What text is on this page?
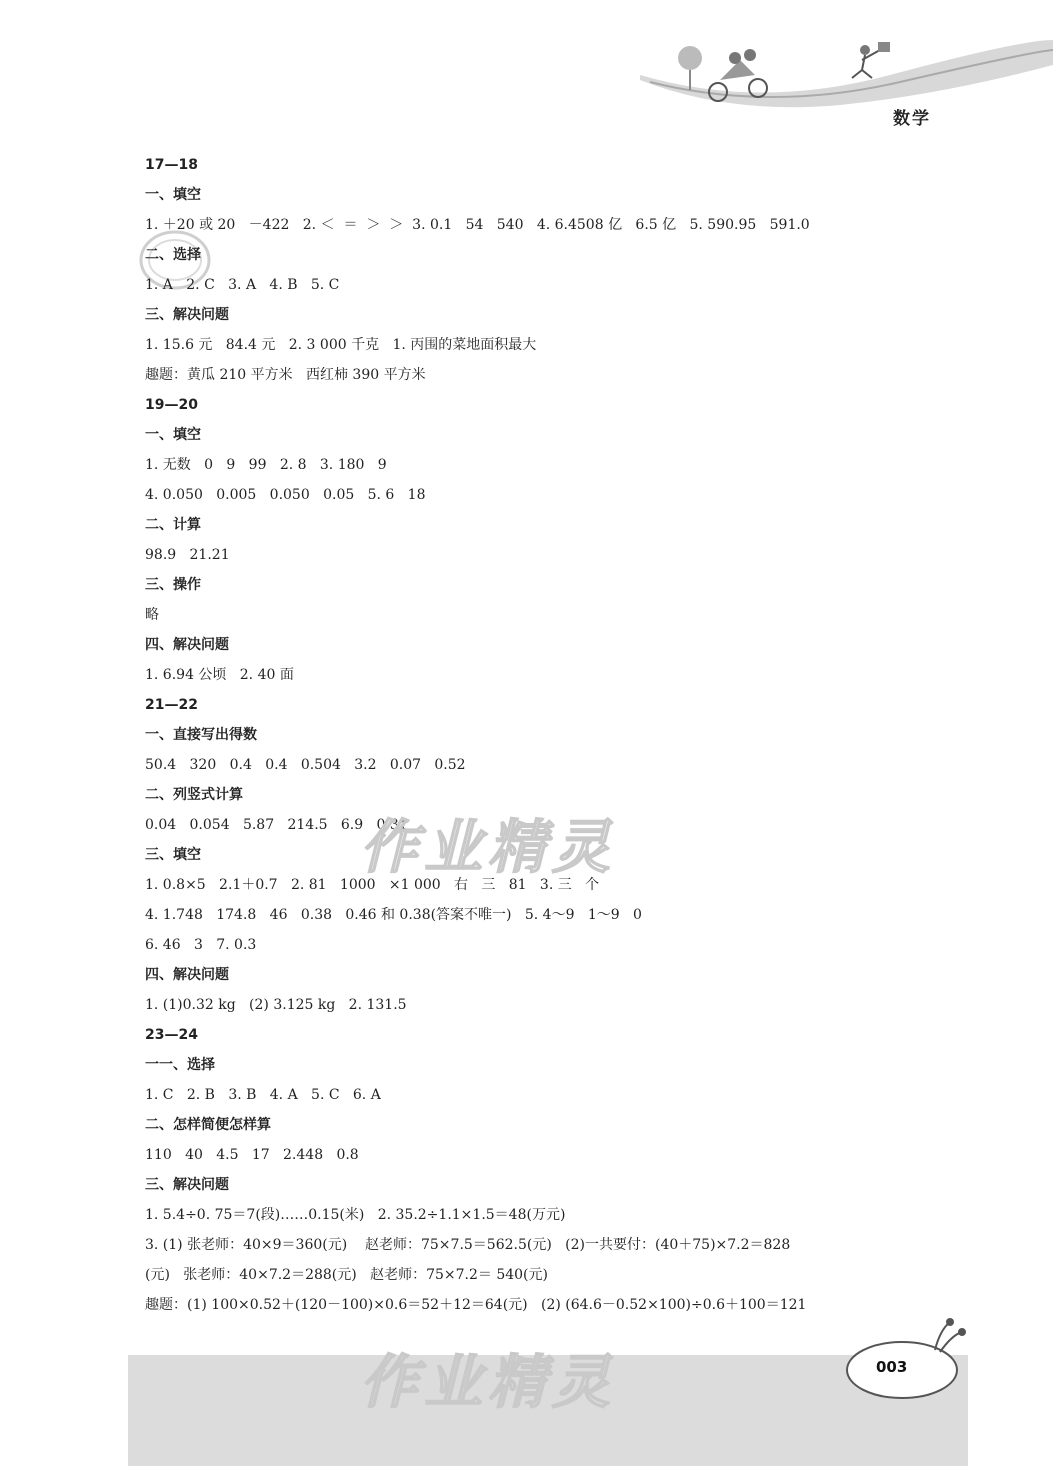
数学
17—18
一、填空
1. ＋20 或 20   －422   2. ＜  ＝  ＞  ＞  3. 0.1   54   540   4. 6.4508 亿   6.5 亿   5. 590.95   591.0
二、选择
1. A   2. C   3. A   4. B   5. C
三、解决问题
1. 15.6 元   84.4 元   2. 3 000 千克   1. 丙围的菜地面积最大
趣题：黄瓜 210 平方米   西红柿 390 平方米
19—20
一、填空
1. 无数   0   9   99   2. 8   3. 180   9
4. 0.050   0.005   0.050   0.05   5. 6   18
二、计算
98.9   21.21
三、操作
略
四、解决问题
1. 6.94 公顷   2. 40 面
21—22
一、直接写出得数
50.4   320   0.4   0.4   0.504   3.2   0.07   0.52
二、列竖式计算
0.04   0.054   5.87   214.5   6.9   0.31
三、填空
1. 0.8×5   2.1＋0.7   2. 81   1000   ×1 000   右   三   81   3. 三   个
4. 1.748   174.8   46   0.38   0.46 和 0.38(答案不唯一)   5. 4～9   1～9   0
6. 46   3   7. 0.3
四、解决问题
1. (1)0.32 kg   (2) 3.125 kg   2. 131.5
23—24
一一、选择
1. C   2. B   3. B   4. A   5. C   6. A
二、怎样简便怎样算
110   40   4.5   17   2.448   0.8
三、解决问题
1. 5.4÷0. 75＝7(段)……0.15(米)   2. 35.2÷1.1×1.5＝48(万元)
3. (1) 张老师：40×9＝360(元)    赵老师：75×7.5＝562.5(元)   (2)一共要付：(40＋75)×7.2＝828
(元)   张老师：40×7.2＝288(元)   赵老师：75×7.2＝ 540(元)
趣题：(1) 100×0.52＋(120－100)×0.6＝52＋12＝64(元)   (2) (64.6－0.52×100)÷0.6＋100＝121
作业精灵
作业精灵	003
